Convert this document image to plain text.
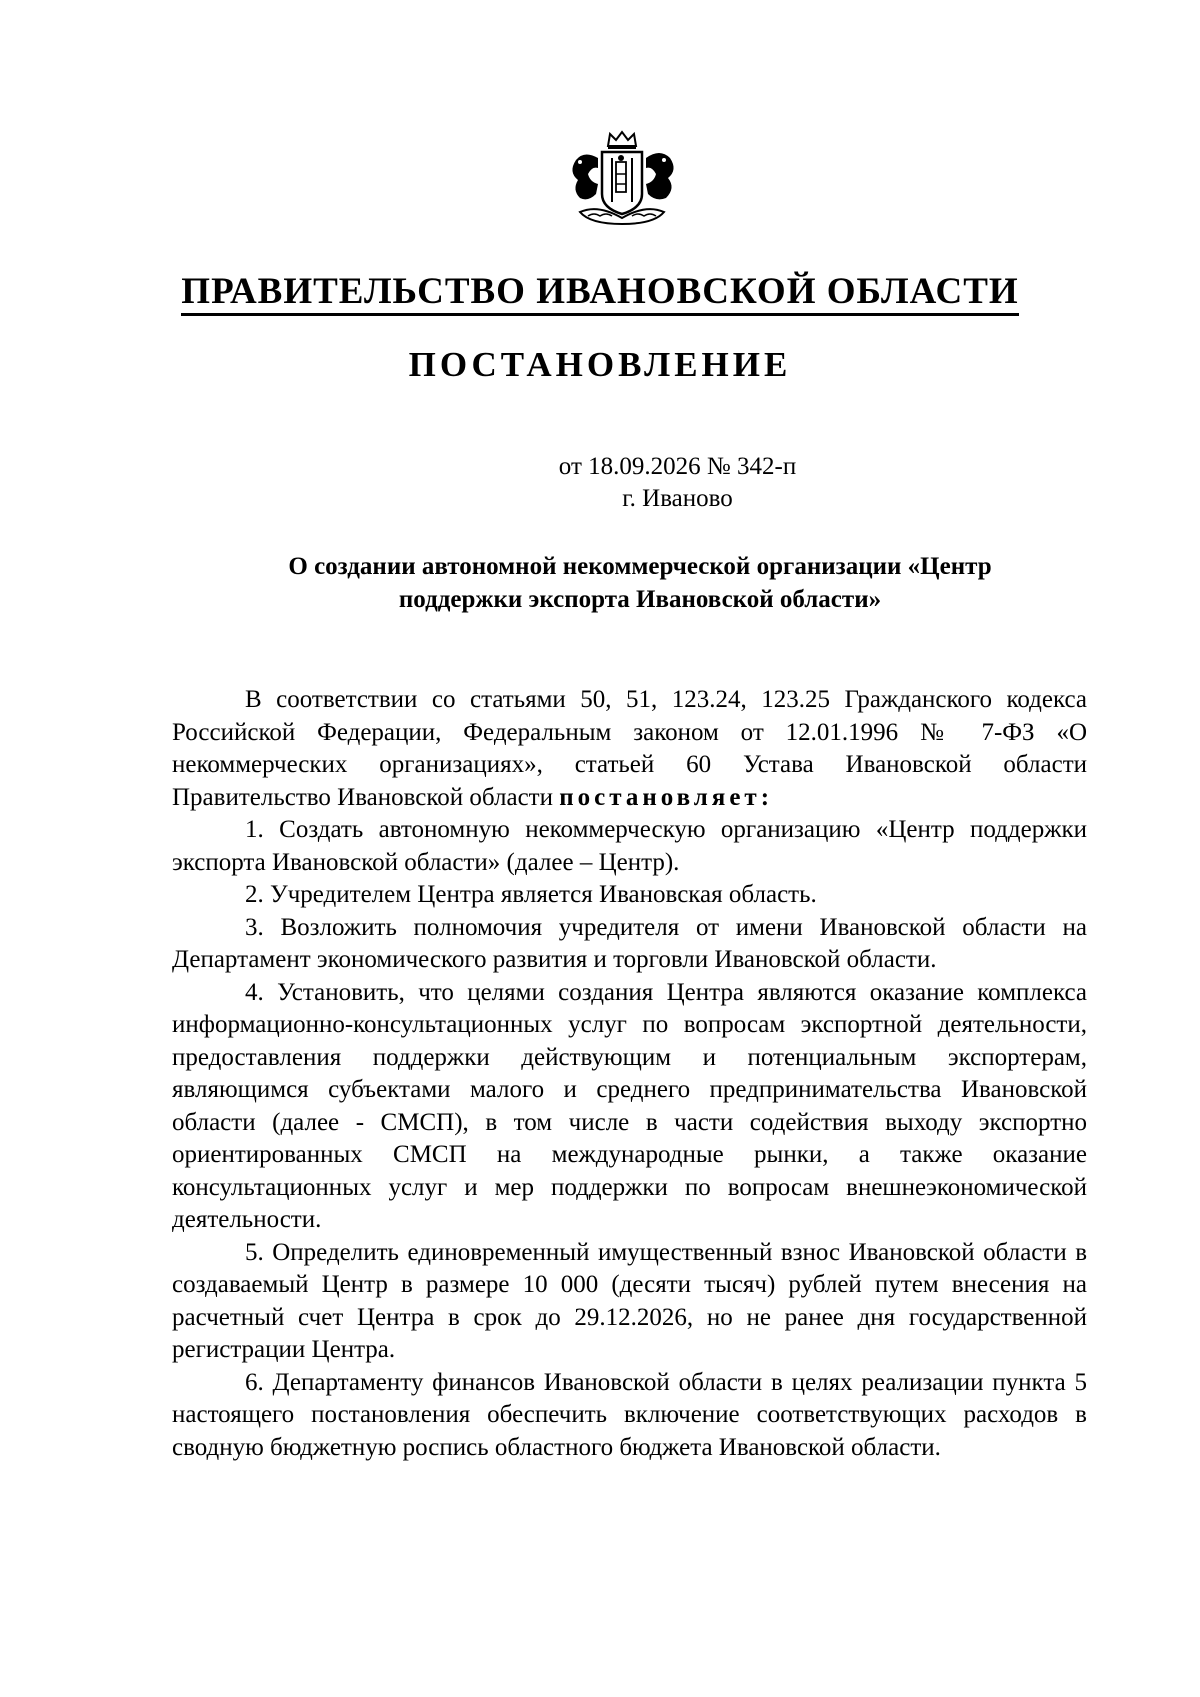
ПРАВИТЕЛЬСТВО ИВАНОВСКОЙ ОБЛАСТИ
ПОСТАНОВЛЕНИЕ
от 18.09.2026 № 342-п
г. Иваново
О создании автономной некоммерческой организации «Центр
поддержки экспорта Ивановской области»

В соответствии со статьями 50, 51, 123.24, 123.25 Гражданского кодекса Российской Федерации, Федеральным законом от 12.01.1996 № 7-ФЗ «О некоммерческих организациях», статьей 60 Устава Ивановской области Правительство Ивановской области постановляет:

1. Создать автономную некоммерческую организацию «Центр поддержки экспорта Ивановской области» (далее – Центр).

2. Учредителем Центра является Ивановская область.

3. Возложить полномочия учредителя от имени Ивановской области на Департамент экономического развития и торговли Ивановской области.

4. Установить, что целями создания Центра являются оказание комплекса информационно-консультационных услуг по вопросам экспортной деятельности, предоставления поддержки действующим и потенциальным экспортерам, являющимся субъектами малого и среднего предпринимательства Ивановской области (далее - СМСП), в том числе в части содействия выходу экспортно ориентированных СМСП на международные рынки, а также оказание консультационных услуг и мер поддержки по вопросам внешнеэкономической деятельности.

5. Определить единовременный имущественный взнос Ивановской области в создаваемый Центр в размере 10 000 (десяти тысяч) рублей путем внесения на расчетный счет Центра в срок до 29.12.2026, но не ранее дня государственной регистрации Центра.

6. Департаменту финансов Ивановской области в целях реализации пункта 5 настоящего постановления обеспечить включение соответствующих расходов в сводную бюджетную роспись областного бюджета Ивановской области.
